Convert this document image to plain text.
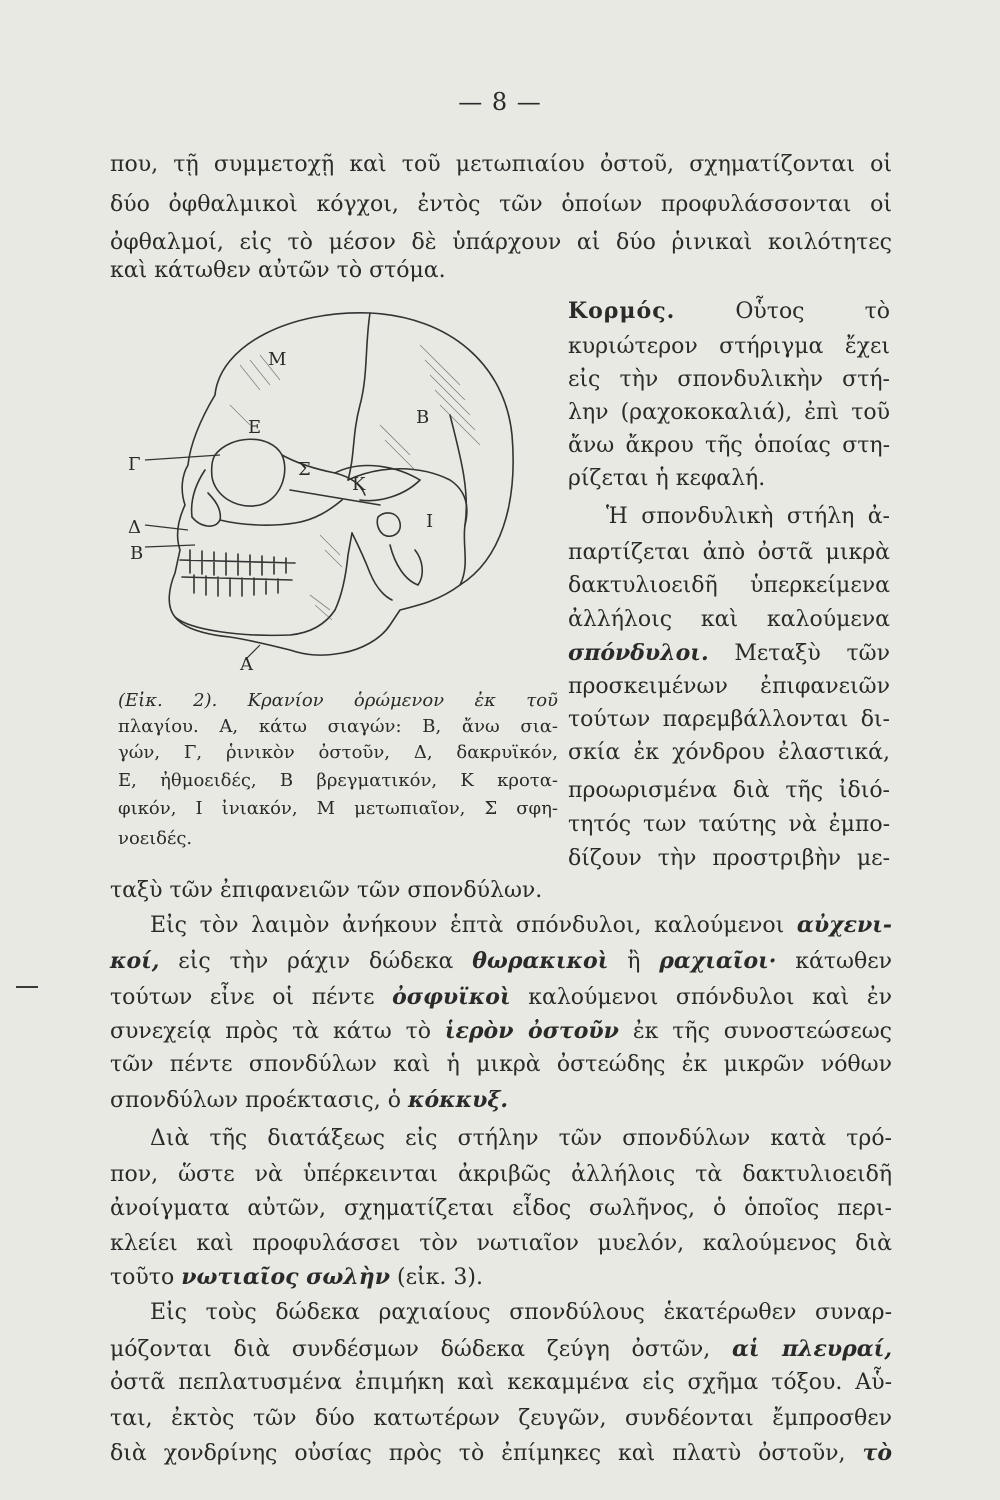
— 8 —
που, τῇ συμμετοχῇ καὶ τοῦ μετωπιαίου ὀστοῦ, σχηματίζονται οἱ
δύο ὀφθαλμικοὶ κόγχοι, ἐντὸς τῶν ὁποίων προφυλάσσονται οἱ
ὀφθαλμοί, εἰς τὸ μέσον δὲ ὑπάρχουν αἱ δύο ῥινικαὶ κοιλότητες
καὶ κάτωθεν αὐτῶν τὸ στόμα.
Μ
Β
Ε
Γ	Σ
Κ
Δ
Β
Α
Ι
(Εἰκ. 2). Κρανίον ὁρώμενον ἐκ τοῦ
πλαγίου. Α, κάτω σιαγών: Β, ἄνω σια-
γών, Γ, ῥινικὸν ὀστοῦν, Δ, δακρυϊκόν,
Ε, ἠθμοειδές, Β βρεγματικόν, Κ κροτα-
φικόν, Ι ἰνιακόν, Μ μετωπιαῖον, Σ σφη-
νοειδές.
Κορμός.	Οὗτος τὸ
κυριώτερον στήριγμα ἔχει
εἰς τὴν σπονδυλικὴν στή-
λην (ραχοκοκαλιά), ἐπὶ τοῦ
ἄνω ἄκρου τῆς ὁποίας στη-
ρίζεται ἡ κεφαλή.
Ἡ σπονδυλικὴ στήλη ἀ-
παρτίζεται ἀπὸ ὀστᾶ μικρὰ
δακτυλιοειδῆ ὑπερκείμενα
ἀλλήλοις καὶ καλούμενα
σπόνδυλοι. Μεταξὺ τῶν
προσκειμένων ἐπιφανειῶν
τούτων παρεμβάλλονται δι-
σκία ἐκ χόνδρου ἐλαστικά,
προωρισμένα διὰ τῆς ἰδιό-
τητός των ταύτης νὰ ἐμπο-
δίζουν τὴν προστριβὴν με-
ταξὺ τῶν ἐπιφανειῶν τῶν σπονδύλων.
Εἰς τὸν λαιμὸν ἀνήκουν ἑπτὰ σπόνδυλοι, καλούμενοι αὐχενι-
κοί, εἰς τὴν ράχιν δώδεκα θωρακικοὶ ἢ ραχιαῖοι· κάτωθεν
τούτων εἶνε οἱ πέντε ὀσφυϊκοὶ καλούμενοι σπόνδυλοι καὶ ἐν
συνεχείᾳ πρὸς τὰ κάτω τὸ ἱερὸν ὀστοῦν ἐκ τῆς συνοστεώσεως
τῶν πέντε σπονδύλων καὶ ἡ μικρὰ ὀστεώδης ἐκ μικρῶν νόθων
σπονδύλων προέκτασις, ὁ κόκκυξ.
Διὰ τῆς διατάξεως εἰς στήλην τῶν σπονδύλων κατὰ τρό-
πον, ὥστε νὰ ὑπέρκεινται ἀκριβῶς ἀλλήλοις τὰ δακτυλιοειδῆ
ἀνοίγματα αὐτῶν, σχηματίζεται εἶδος σωλῆνος, ὁ ὁποῖος περι-
κλείει καὶ προφυλάσσει τὸν νωτιαῖον μυελόν, καλούμενος διὰ
τοῦτο νωτιαῖος σωλὴν (εἰκ. 3).
Εἰς τοὺς δώδεκα ραχιαίους σπονδύλους ἑκατέρωθεν συναρ-
μόζονται διὰ συνδέσμων δώδεκα ζεύγη ὀστῶν, αἱ πλευραί,
ὀστᾶ πεπλατυσμένα ἐπιμήκη καὶ κεκαμμένα εἰς σχῆμα τόξου. Αὗ-
ται, ἐκτὸς τῶν δύο κατωτέρων ζευγῶν, συνδέονται ἔμπροσθεν
διὰ χονδρίνης οὐσίας πρὸς τὸ ἐπίμηκες καὶ πλατὺ ὀστοῦν, τὸ
